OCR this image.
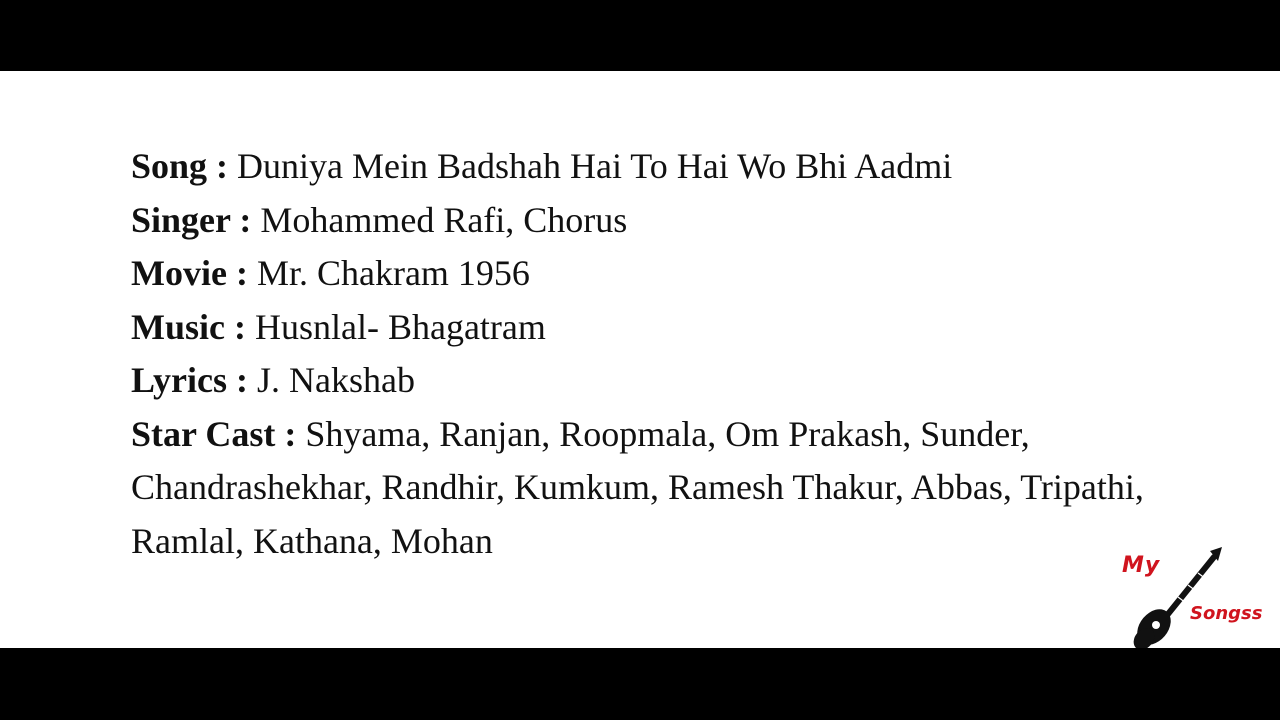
Song : Duniya Mein Badshah Hai To Hai Wo Bhi Aadmi
Singer : Mohammed Rafi, Chorus
Movie : Mr. Chakram 1956
Music : Husnlal- Bhagatram
Lyrics : J. Nakshab
Star Cast : Shyama, Ranjan, Roopmala, Om Prakash, Sunder, Chandrashekhar, Randhir, Kumkum, Ramesh Thakur, Abbas, Tripathi, Ramlal, Kathana, Mohan
My
Songss
